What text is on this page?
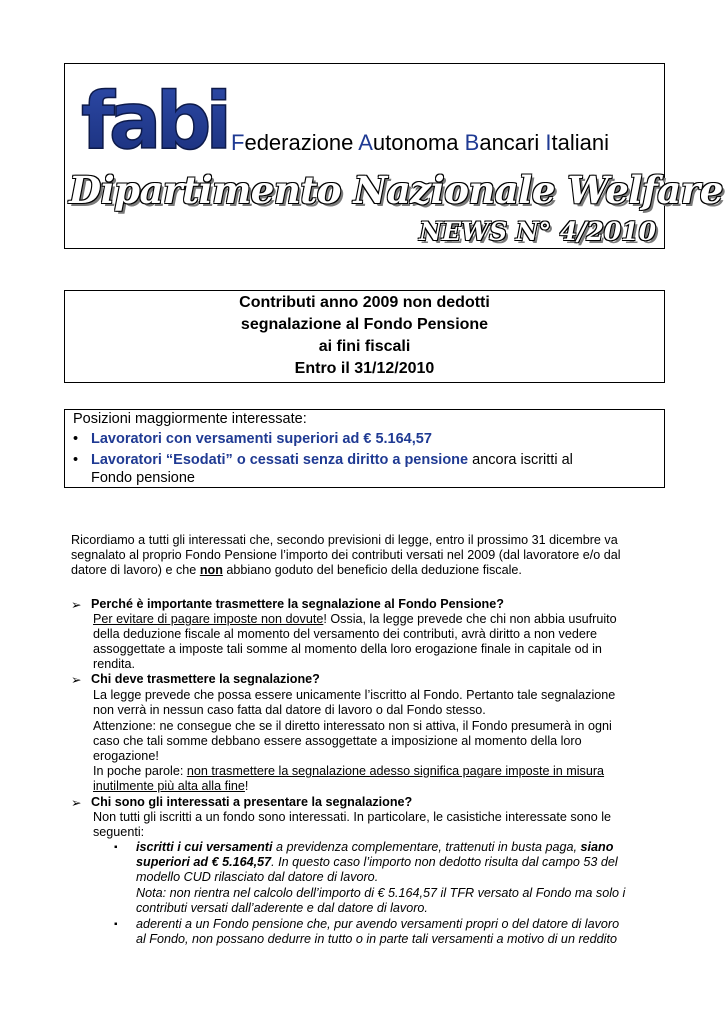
fabi Federazione Autonoma Bancari Italiani
Dipartimento Nazionale Welfare
NEWS N° 4/2010
Contributi anno 2009 non dedotti
segnalazione al Fondo Pensione
ai fini fiscali
Entro il 31/12/2010
Posizioni maggiormente interessate:
• Lavoratori con versamenti superiori ad € 5.164,57
• Lavoratori “Esodati” o cessati senza diritto a pensione ancora iscritti al
Fondo pensione
Ricordiamo a tutti gli interessati che, secondo previsioni di legge, entro il prossimo 31 dicembre va
segnalato al proprio Fondo Pensione l’importo dei contributi versati nel 2009 (dal lavoratore e/o dal
datore di lavoro) e che non abbiano goduto del beneficio della deduzione fiscale.
➢ Perché è importante trasmettere la segnalazione al Fondo Pensione?
Per evitare di pagare imposte non dovute! Ossia, la legge prevede che chi non abbia usufruito
della deduzione fiscale al momento del versamento dei contributi, avrà diritto a non vedere
assoggettate a imposte tali somme al momento della loro erogazione finale in capitale od in
rendita.
➢ Chi deve trasmettere la segnalazione?
La legge prevede che possa essere unicamente l’iscritto al Fondo. Pertanto tale segnalazione
non verrà in nessun caso fatta dal datore di lavoro o dal Fondo stesso.
Attenzione: ne consegue che se il diretto interessato non si attiva, il Fondo presumerà in ogni
caso che tali somme debbano essere assoggettate a imposizione al momento della loro
erogazione!
In poche parole: non trasmettere la segnalazione adesso significa pagare imposte in misura
inutilmente più alta alla fine!
➢ Chi sono gli interessati a presentare la segnalazione?
Non tutti gli iscritti a un fondo sono interessati. In particolare, le casistiche interessate sono le
seguenti:
▪ iscritti i cui versamenti a previdenza complementare, trattenuti in busta paga, siano
superiori ad € 5.164,57. In questo caso l’importo non dedotto risulta dal campo 53 del
modello CUD rilasciato dal datore di lavoro.
Nota: non rientra nel calcolo dell’importo di € 5.164,57 il TFR versato al Fondo ma solo i
contributi versati dall’aderente e dal datore di lavoro.
▪ aderenti a un Fondo pensione che, pur avendo versamenti propri o del datore di lavoro
al Fondo, non possano dedurre in tutto o in parte tali versamenti a motivo di un reddito
